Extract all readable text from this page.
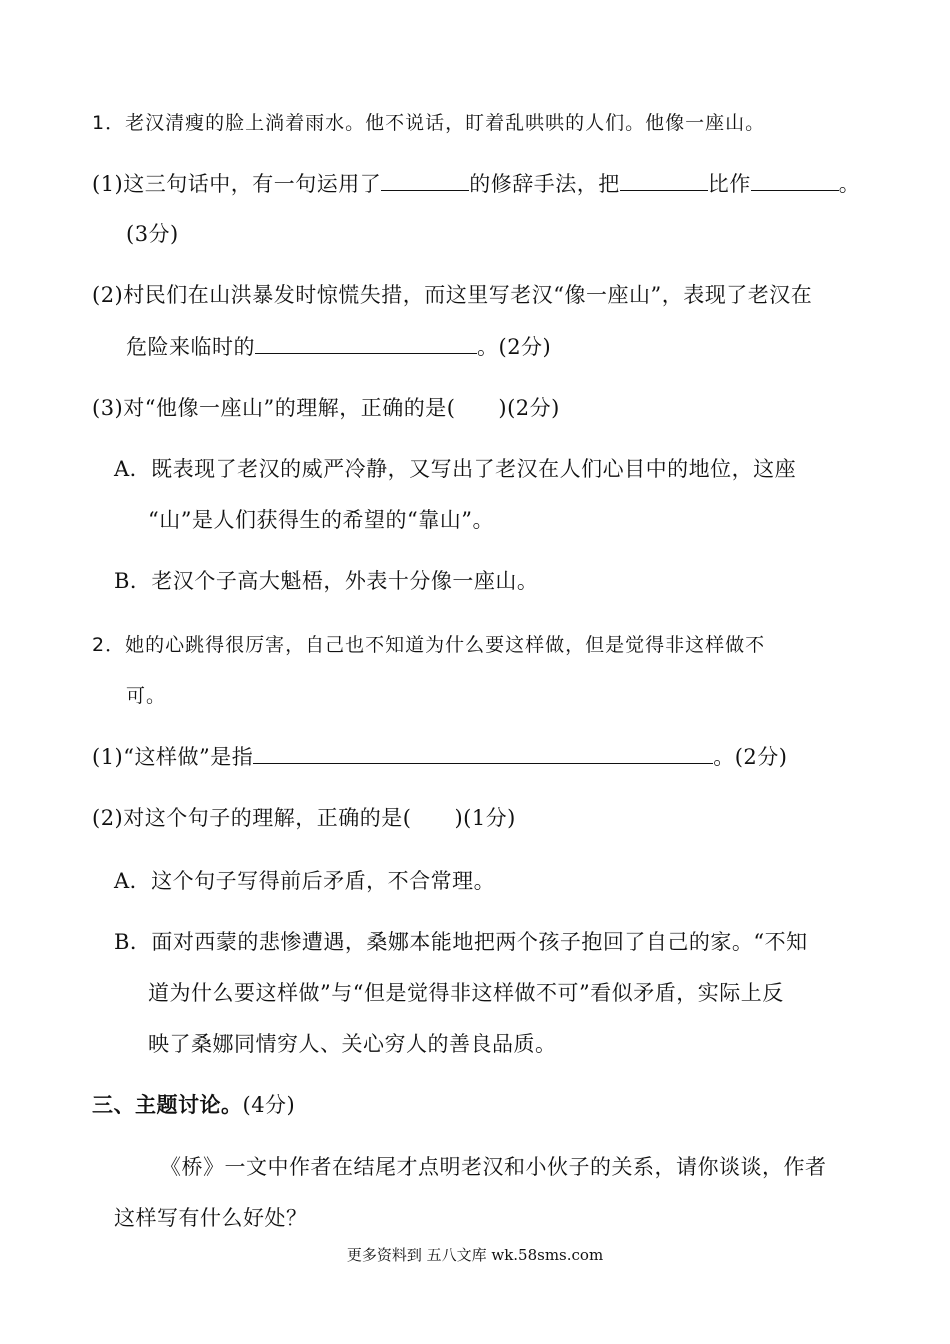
1．老汉清瘦的脸上淌着雨水。他不说话，盯着乱哄哄的人们。他像一座山。
(1)这三句话中，有一句运用了	的修辞手法，把	比作	。
(3分)
(2)村民们在山洪暴发时惊慌失措，而这里写老汉“像一座山”，表现了老汉在
危险来临时的	。(2分)
(3)对“他像一座山”的理解，正确的是(　　)(2分)
A．既表现了老汉的威严冷静，又写出了老汉在人们心目中的地位，这座
“山”是人们获得生的希望的“靠山”。
B．老汉个子高大魁梧，外表十分像一座山。
2．她的心跳得很厉害，自己也不知道为什么要这样做，但是觉得非这样做不
可。
(1)“这样做”是指	。(2分)
(2)对这个句子的理解，正确的是(　　)(1分)
A．这个句子写得前后矛盾，不合常理。
B．面对西蒙的悲惨遭遇，桑娜本能地把两个孩子抱回了自己的家。“不知
道为什么要这样做”与“但是觉得非这样做不可”看似矛盾，实际上反
映了桑娜同情穷人、关心穷人的善良品质。
三、主题讨论。(4分)
《桥》一文中作者在结尾才点明老汉和小伙子的关系，请你谈谈，作者
这样写有什么好处？
更多资料到 五八文库 wk.58sms.com
